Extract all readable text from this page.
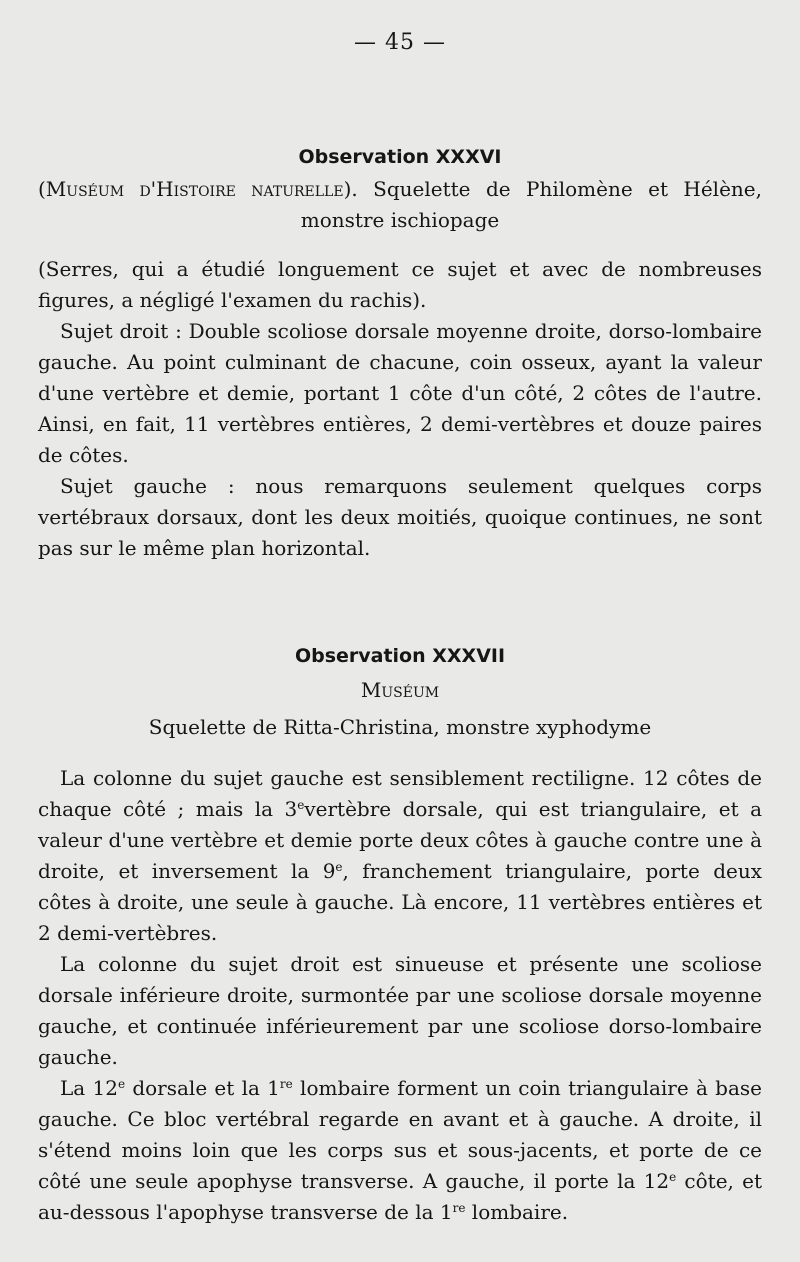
— 45 —
Observation XXXVI

(Muséum d'Histoire naturelle). Squelette de Philomène et Hélène,

monstre ischiopage

(Serres, qui a étudié longuement ce sujet et avec de nombreuses figures, a négligé l'examen du rachis).

Sujet droit : Double scoliose dorsale moyenne droite, dorso-lombaire gauche. Au point culminant de chacune, coin osseux, ayant la valeur d'une vertèbre et demie, portant 1 côte d'un côté, 2 côtes de l'autre. Ainsi, en fait, 11 vertèbres entières, 2 demi-vertèbres et douze paires de côtes.

Sujet gauche : nous remarquons seulement quelques corps vertébraux dorsaux, dont les deux moitiés, quoique continues, ne sont pas sur le même plan horizontal.

Observation XXXVII

Muséum

Squelette de Ritta-Christina, monstre xyphodyme

La colonne du sujet gauche est sensiblement rectiligne. 12 côtes de chaque côté ; mais la 3evertèbre dorsale, qui est triangulaire, et a valeur d'une vertèbre et demie porte deux côtes à gauche contre une à droite, et inversement la 9e, franchement triangulaire, porte deux côtes à droite, une seule à gauche. Là encore, 11 vertèbres entières et 2 demi-vertèbres.

La colonne du sujet droit est sinueuse et présente une scoliose dorsale inférieure droite, surmontée par une scoliose dorsale moyenne gauche, et continuée inférieurement par une scoliose dorso-lombaire gauche.

La 12e dorsale et la 1re lombaire forment un coin triangulaire à base gauche. Ce bloc vertébral regarde en avant et à gauche. A droite, il s'étend moins loin que les corps sus et sous-jacents, et porte de ce côté une seule apophyse transverse. A gauche, il porte la 12e côte, et au-dessous l'apophyse transverse de la 1re lombaire.
